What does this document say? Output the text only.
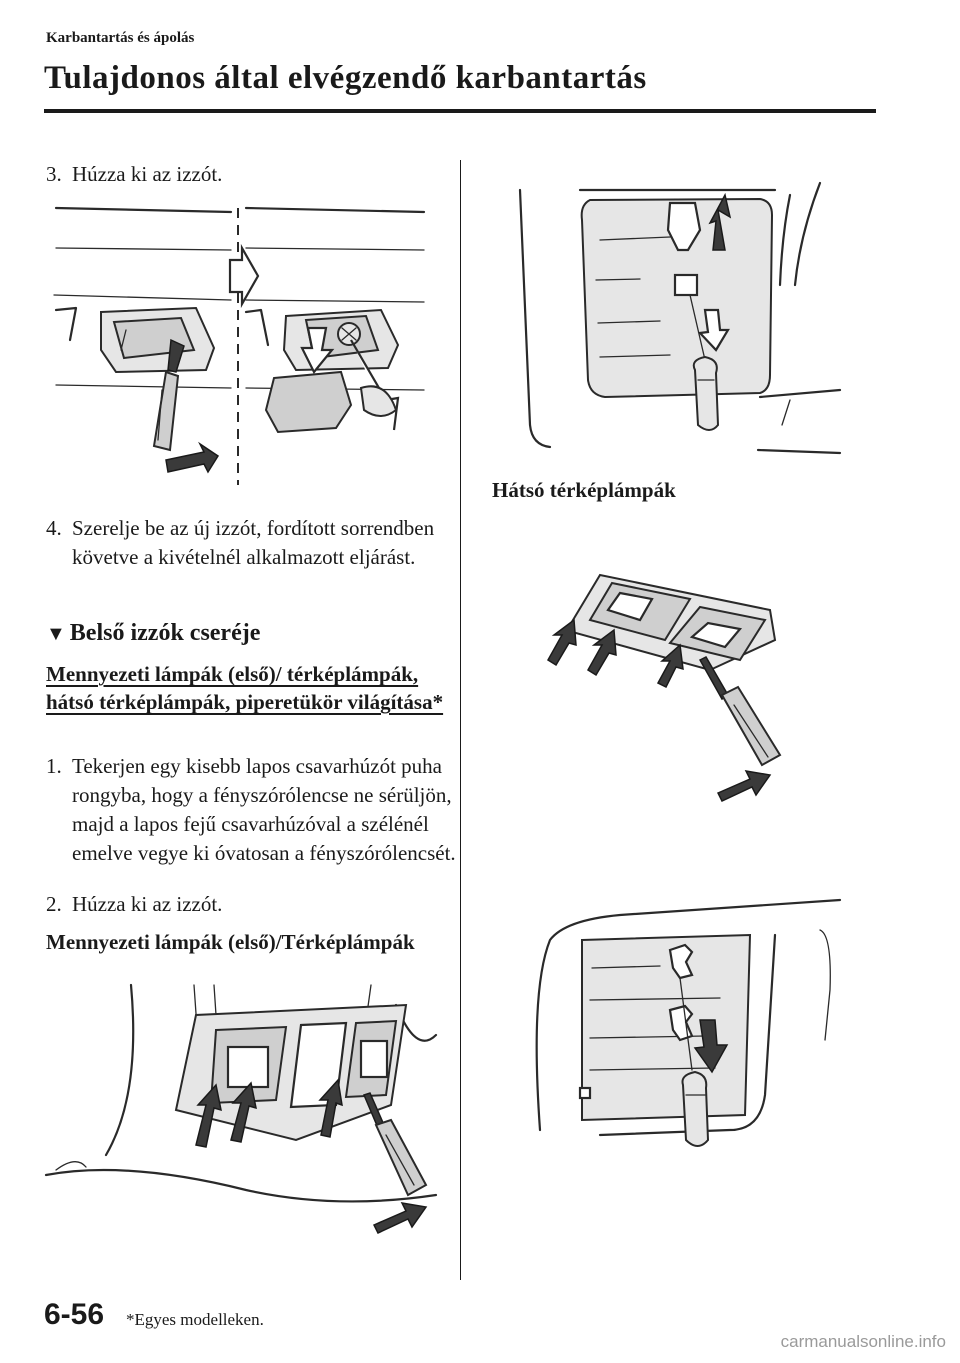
Karbantartás és ápolás
Tulajdonos által elvégzendő karbantartás
3. Húzza ki az izzót.
4. Szerelje be az új izzót, fordított sorrendben követve a kivételnél alkalmazott eljárást.
▼ Belső izzók cseréje
Mennyezeti lámpák (első)/ térképlámpák, hátsó térképlámpák, piperetükör világítása*
1. Tekerjen egy kisebb lapos csavarhúzót puha rongyba, hogy a fényszórólencse ne sérüljön, majd a lapos fejű csavarhúzóval a szélénél emelve vegye ki óvatosan a fényszórólencsét.
2. Húzza ki az izzót.
Mennyezeti lámpák (első)/Térképlámpák
Hátsó térképlámpák
6-56 *Egyes modelleken.
carmanualsonline.info
